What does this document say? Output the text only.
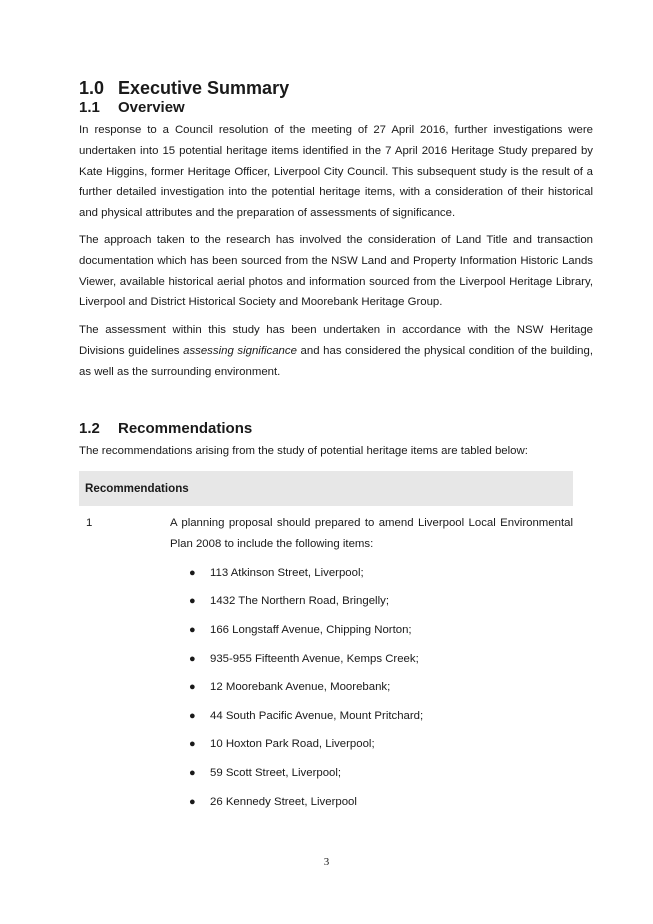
1.0 Executive Summary
1.1 Overview

In response to a Council resolution of the meeting of 27 April 2016, further investigations were undertaken into 15 potential heritage items identified in the 7 April 2016 Heritage Study prepared by Kate Higgins, former Heritage Officer, Liverpool City Council. This subsequent study is the result of a further detailed investigation into the potential heritage items, with a consideration of their historical and physical attributes and the preparation of assessments of significance.

The approach taken to the research has involved the consideration of Land Title and transaction documentation which has been sourced from the NSW Land and Property Information Historic Lands Viewer, available historical aerial photos and information sourced from the Liverpool Heritage Library, Liverpool and District Historical Society and Moorebank Heritage Group.

The assessment within this study has been undertaken in accordance with the NSW Heritage Divisions guidelines assessing significance and has considered the physical condition of the building, as well as the surrounding environment.

1.2 Recommendations

The recommendations arising from the study of potential heritage items are tabled below:

Recommendations
1	A planning proposal should prepared to amend Liverpool Local Environmental Plan 2008 to include the following items:
● 113 Atkinson Street, Liverpool;
● 1432 The Northern Road, Bringelly;
● 166 Longstaff Avenue, Chipping Norton;
● 935-955 Fifteenth Avenue, Kemps Creek;
● 12 Moorebank Avenue, Moorebank;
● 44 South Pacific Avenue, Mount Pritchard;
● 10 Hoxton Park Road, Liverpool;
● 59 Scott Street, Liverpool;
● 26 Kennedy Street, Liverpool
3
